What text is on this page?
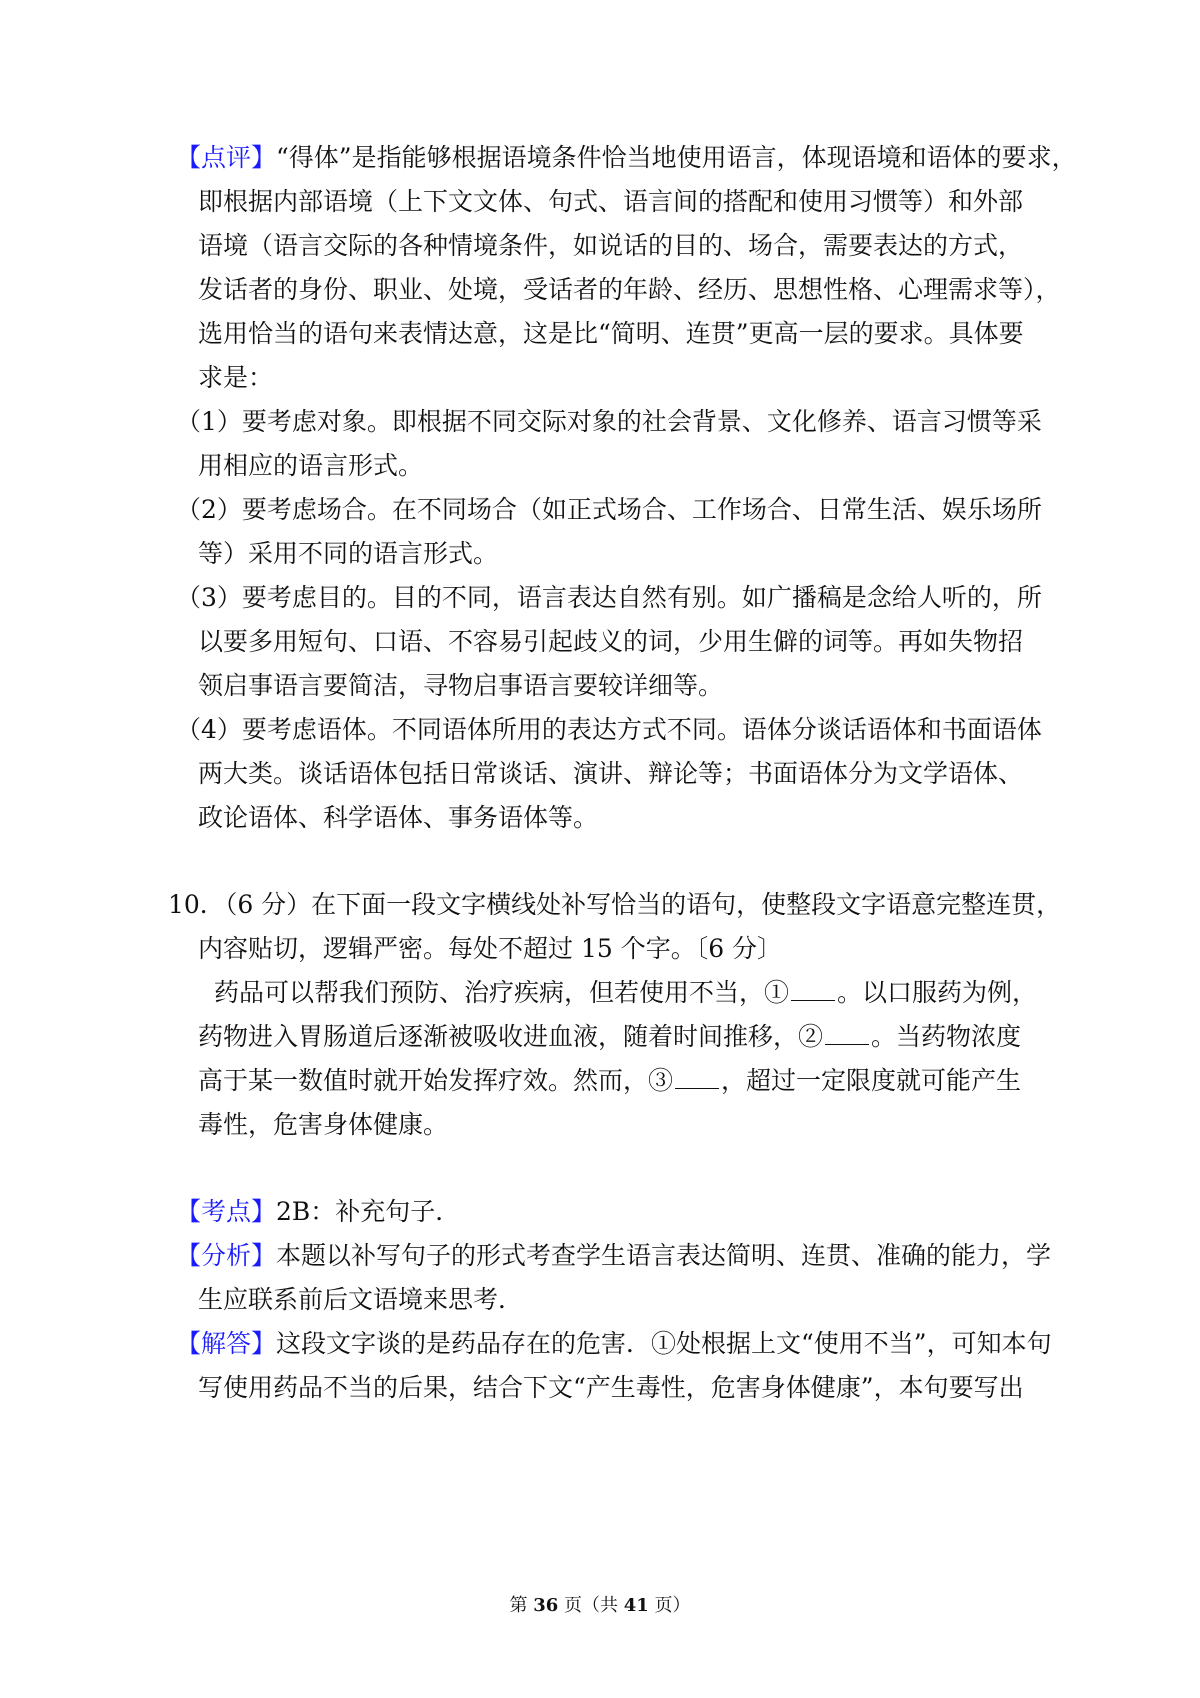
【点评】“得体”是指能够根据语境条件恰当地使用语言，体现语境和语体的要求，
即根据内部语境（上下文文体、句式、语言间的搭配和使用习惯等）和外部
语境（语言交际的各种情境条件，如说话的目的、场合，需要表达的方式，
发话者的身份、职业、处境，受话者的年龄、经历、思想性格、心理需求等），
选用恰当的语句来表情达意，这是比“简明、连贯”更高一层的要求。具体要
求是：
（1）要考虑对象。即根据不同交际对象的社会背景、文化修养、语言习惯等采
用相应的语言形式。
（2）要考虑场合。在不同场合（如正式场合、工作场合、日常生活、娱乐场所
等）采用不同的语言形式。
（3）要考虑目的。目的不同，语言表达自然有别。如广播稿是念给人听的，所
以要多用短句、口语、不容易引起歧义的词，少用生僻的词等。再如失物招
领启事语言要简洁，寻物启事语言要较详细等。
（4）要考虑语体。不同语体所用的表达方式不同。语体分谈话语体和书面语体
两大类。谈话语体包括日常谈话、演讲、辩论等；书面语体分为文学语体、
政论语体、科学语体、事务语体等。
10．（6 分）在下面一段文字横线处补写恰当的语句，使整段文字语意完整连贯，
内容贴切，逻辑严密。每处不超过 15 个字。〔6 分〕
药品可以帮我们预防、治疗疾病，但若使用不当，① 。以口服药为例，
药物进入胃肠道后逐渐被吸收进血液，随着时间推移，② 。当药物浓度
高于某一数值时就开始发挥疗效。然而，③ ，超过一定限度就可能产生
毒性，危害身体健康。
【考点】2B：补充句子．
【分析】本题以补写句子的形式考查学生语言表达简明、连贯、准确的能力，学
生应联系前后文语境来思考．
【解答】这段文字谈的是药品存在的危害．①处根据上文“使用不当”，可知本句
写使用药品不当的后果，结合下文“产生毒性，危害身体健康”，本句要写出
第 36 页（共 41 页）
